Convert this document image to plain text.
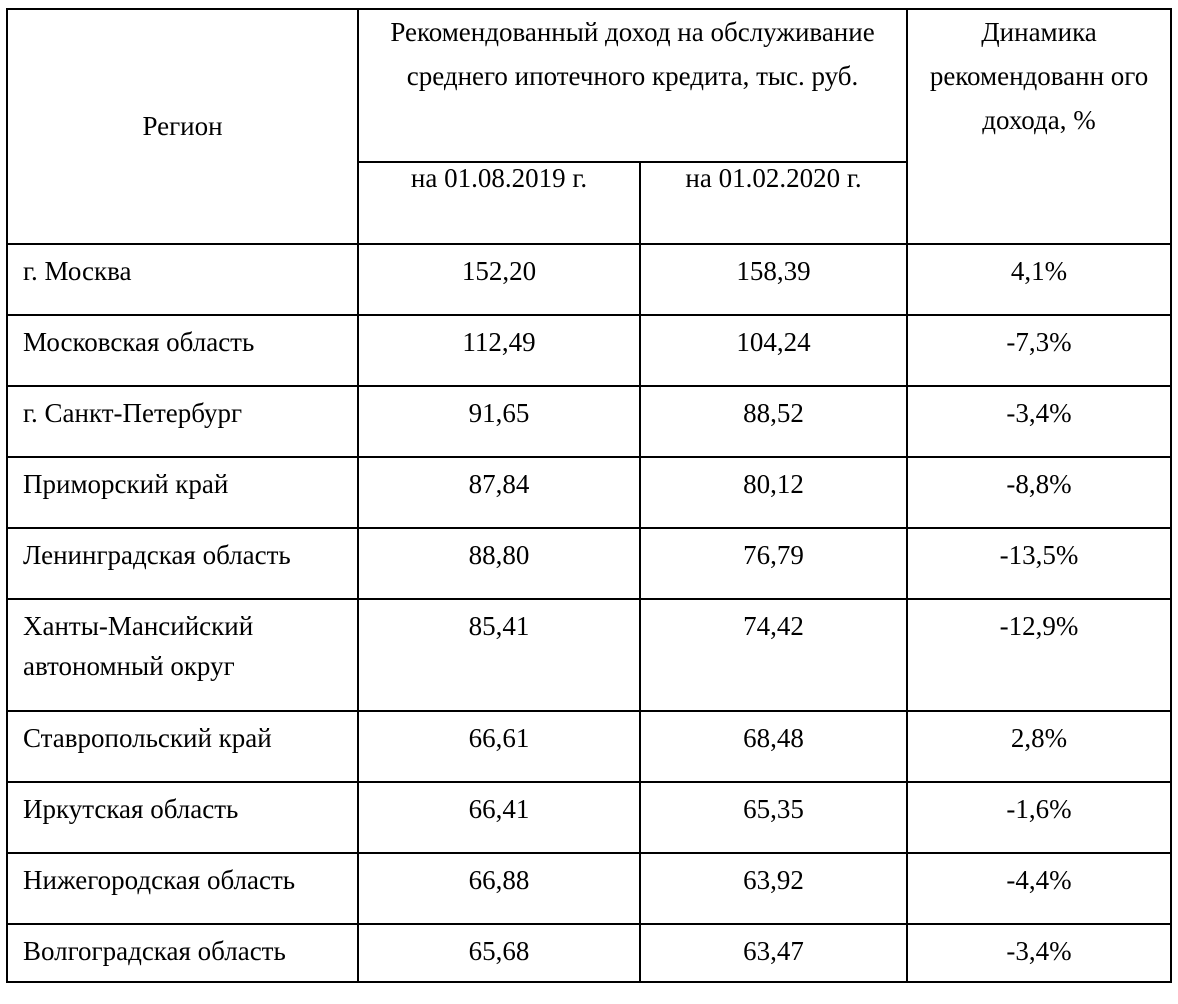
Регион	Рекомендованный доход на обслуживание среднего ипотечного кредита, тыс. руб.		Динамика рекомендованн ого дохода, %
	на 01.08.2019 г.	на 01.02.2020 г.	
г. Москва	152,20	158,39	4,1%
Московская область	112,49	104,24	-7,3%
г. Санкт-Петербург	91,65	88,52	-3,4%
Приморский край	87,84	80,12	-8,8%
Ленинградская область	88,80	76,79	-13,5%
Ханты-Мансийский автономный округ	85,41	74,42	-12,9%
Ставропольский край	66,61	68,48	2,8%
Иркутская область	66,41	65,35	-1,6%
Нижегородская область	66,88	63,92	-4,4%
Волгоградская область	65,68	63,47	-3,4%
